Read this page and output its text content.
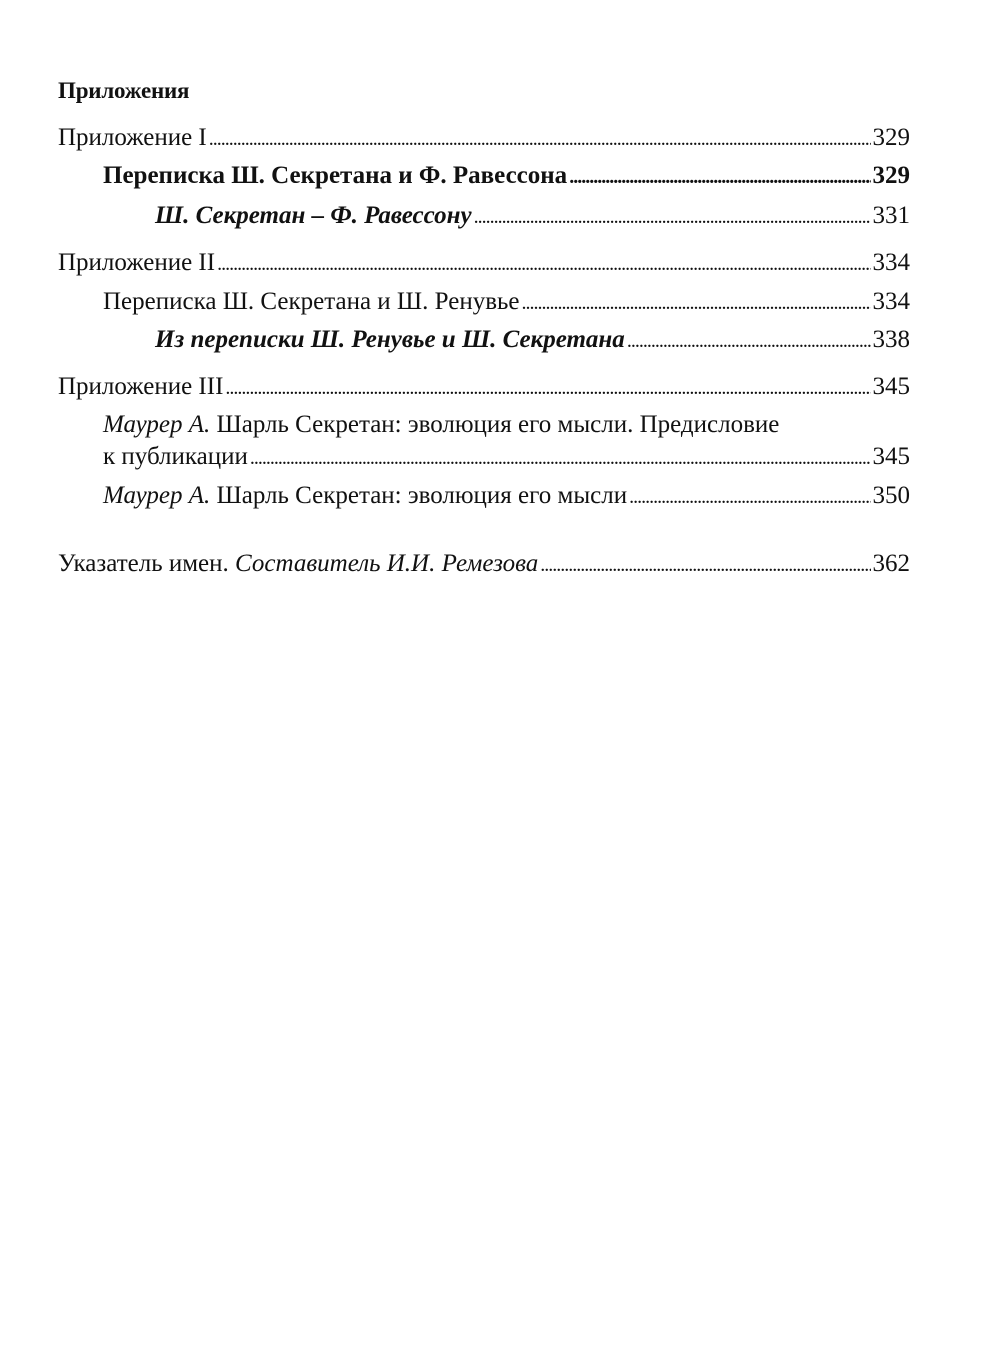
Приложения
Приложение I . . .	329
Переписка Ш. Секретана и Ф. Равессона . . .	329
Ш. Секретан – Ф. Равессону . . .	331
Приложение II . . .	334
Переписка Ш. Секретана и Ш. Ренувье . . .	334
Из переписки Ш. Ренувье и Ш. Секретана . . .	338
Приложение III . . .	345
Маурер А. Шарль Секретан: эволюция его мысли. Предисловие
к публикации . . .	345
Маурер А. Шарль Секретан: эволюция его мысли . . .	350
Указатель имен. Составитель И.И. Ремезова . . .	362
